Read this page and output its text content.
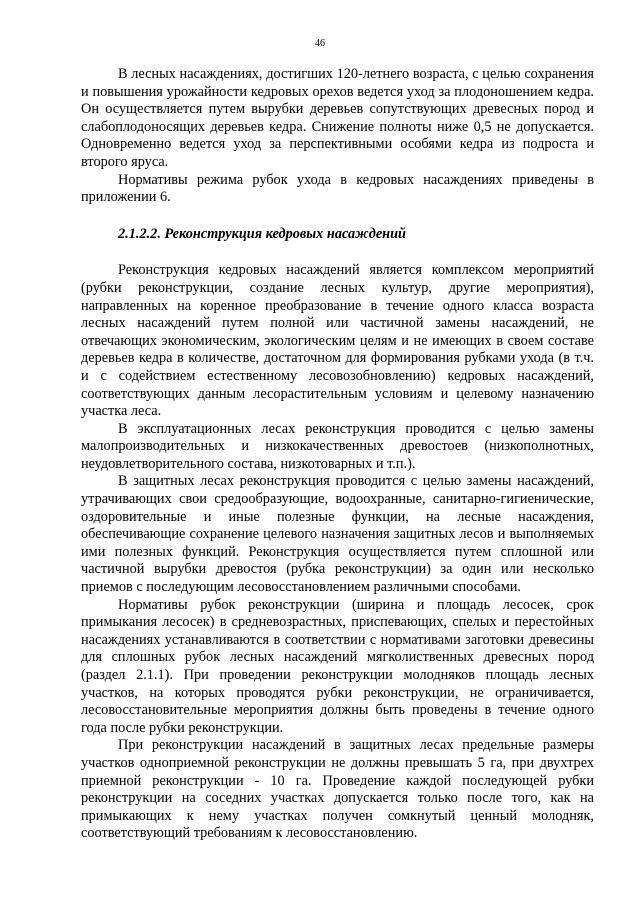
46

В лесных насаждениях, достигших 120-летнего возраста, с целью сохранения и повышения урожайности кедровых орехов ведется уход за плодоношением кедра. Он осуществляется путем вырубки деревьев сопутствующих древесных пород и слабоплодоносящих деревьев кедра. Снижение полноты ниже 0,5 не допускается. Одновременно ведется уход за перспективными особями кедра из подроста и второго яруса.

Нормативы режима рубок ухода в кедровых насаждениях приведены в приложении 6.

2.1.2.2. Реконструкция кедровых насаждений

Реконструкция кедровых насаждений является комплексом мероприятий (рубки реконструкции, создание лесных культур, другие мероприятия), направленных на коренное преобразование в течение одного класса возраста лесных насаждений путем полной или частичной замены насаждений, не отвечающих экономическим, экологическим целям и не имеющих в своем составе деревьев кедра в количестве, достаточном для формирования рубками ухода (в т.ч. и с содействием естественному лесовозобновлению) кедровых насаждений, соответствующих данным лесорастительным условиям и целевому назначению участка леса.

В эксплуатационных лесах реконструкция проводится с целью замены малопроизводительных и низкокачественных древостоев (низкополнотных, неудовлетворительного состава, низкотоварных и т.п.).

В защитных лесах реконструкция проводится с целью замены насаждений, утрачивающих свои средообразующие, водоохранные, санитарно-гигиенические, оздоровительные и иные полезные функции, на лесные насаждения, обеспечивающие сохранение целевого назначения защитных лесов и выполняемых ими полезных функций. Реконструкция осуществляется путем сплошной или частичной вырубки древостоя (рубка реконструкции) за один или несколько приемов с последующим лесовосстановлением различными способами.

Нормативы рубок реконструкции (ширина и площадь лесосек, срок примыкания лесосек) в средневозрастных, приспевающих, спелых и перестойных насаждениях устанавливаются в соответствии с нормативами заготовки древесины для сплошных рубок лесных насаждений мягколиственных древесных пород (раздел 2.1.1). При проведении реконструкции молодняков площадь лесных участков, на которых проводятся рубки реконструкции, не ограничивается, лесовосстановительные мероприятия должны быть проведены в течение одного года после рубки реконструкции.

При реконструкции насаждений в защитных лесах предельные размеры участков одноприемной реконструкции не должны превышать 5 га, при двухтрех приемной реконструкции - 10 га. Проведение каждой последующей рубки реконструкции на соседних участках допускается только после того, как на примыкающих к нему участках получен сомкнутый ценный молодняк, соответствующий требованиям к лесовосстановлению.
